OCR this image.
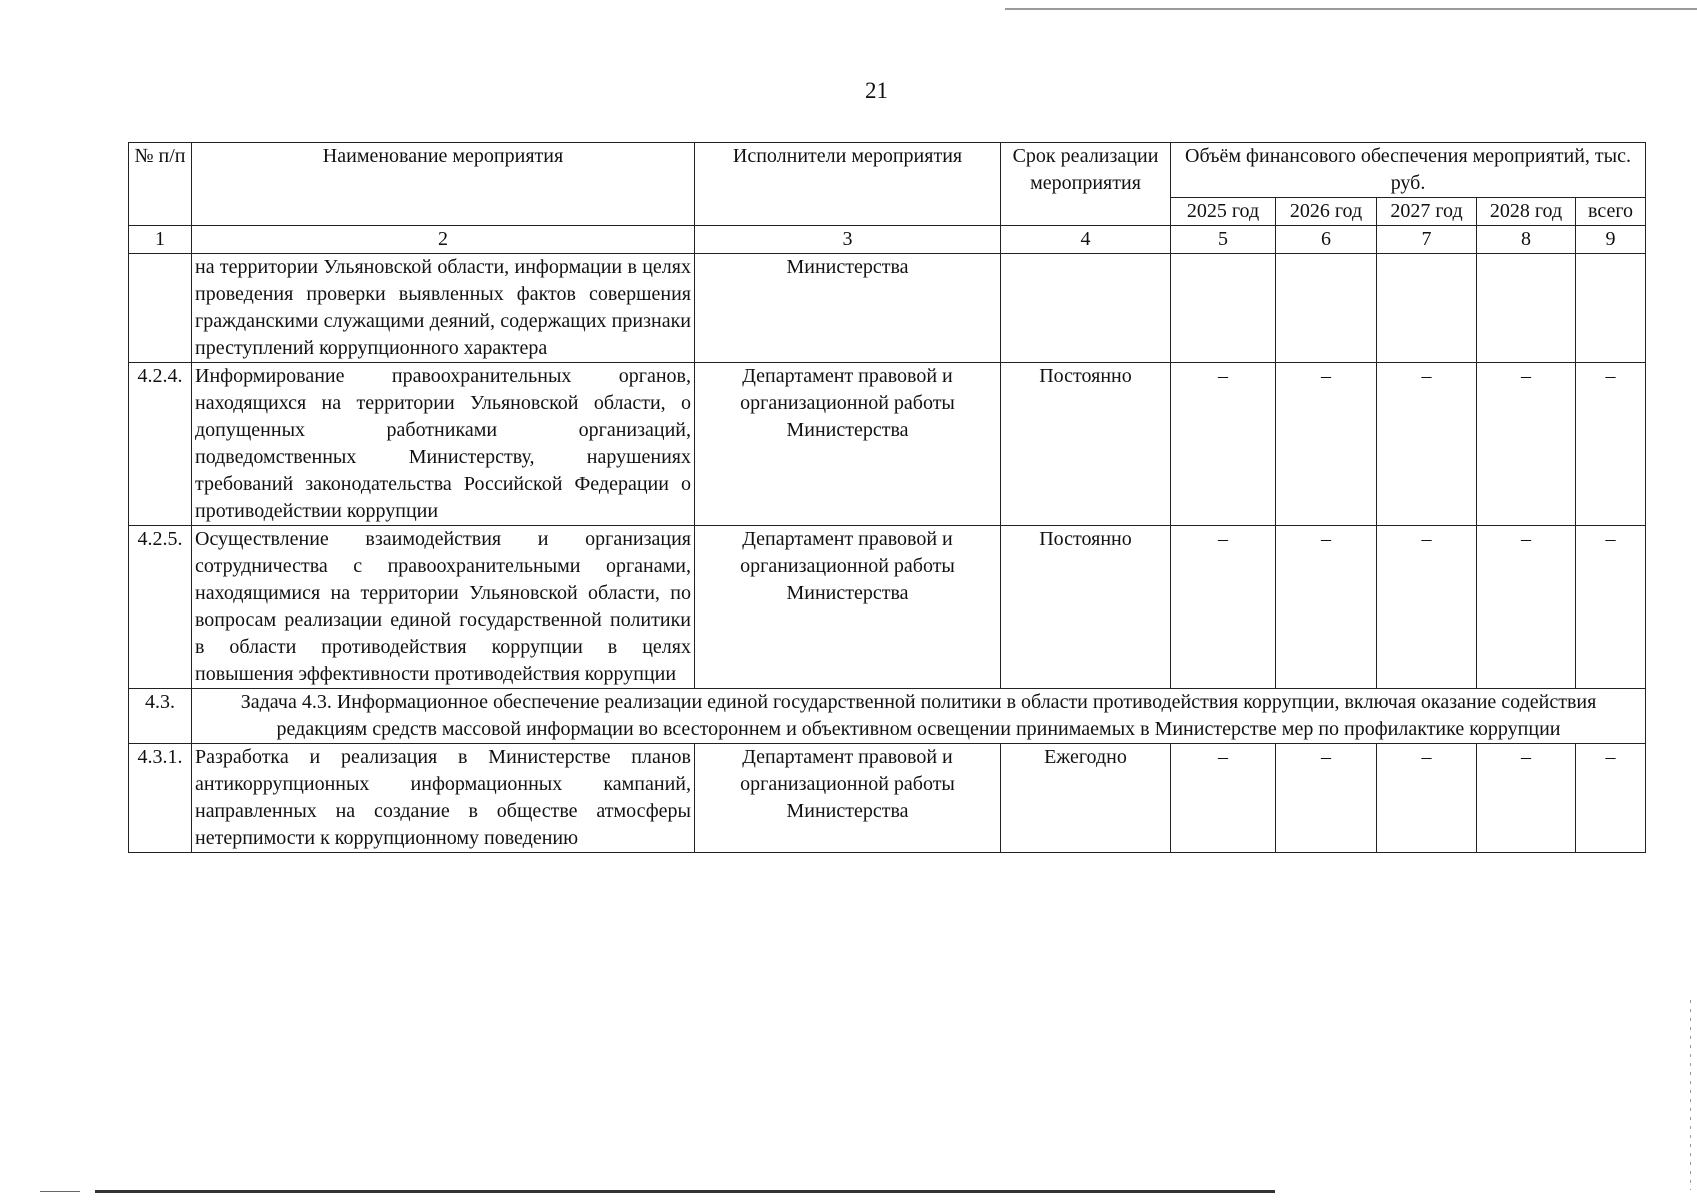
21
№ п/п	Наименование мероприятия	Исполнители мероприятия	Срок реализации мероприятия	Объём финансового обеспечения мероприятий, тыс. руб.				
				2025 год	2026 год	2027 год	2028 год	всего
1	2	3	4	5	6	7	8	9
	на территории Ульяновской области, информации в целях проведения проверки выявленных фактов совершения гражданскими служащими деяний, содержащих признаки преступлений коррупционного характера	Министерства						
4.2.4.	Информирование правоохранительных органов, находящихся на территории Ульяновской области, о допущенных работниками организаций, подведомственных Министерству, нарушениях требований законодательства Российской Федерации о противодействии коррупции	Департамент правовой и организационной работы Министерства	Постоянно	–	–	–	–	–
4.2.5.	Осуществление взаимодействия и организация сотрудничества с правоохранительными органами, находящимися на территории Ульяновской области, по вопросам реализации единой государственной политики в области противодействия коррупции в целях повышения эффективности противодействия коррупции	Департамент правовой и организационной работы Министерства	Постоянно	–	–	–	–	–
4.3.	Задача 4.3. Информационное обеспечение реализации единой государственной политики в области противодействия коррупции, включая оказание содействия редакциям средств массовой информации во всестороннем и объективном освещении принимаемых в Министерстве мер по профилактике коррупции							
4.3.1.	Разработка и реализация в Министерстве планов антикоррупционных информационных кампаний, направленных на создание в обществе атмосферы нетерпимости к коррупционному поведению	Департамент правовой и организационной работы Министерства	Ежегодно	–	–	–	–	–
